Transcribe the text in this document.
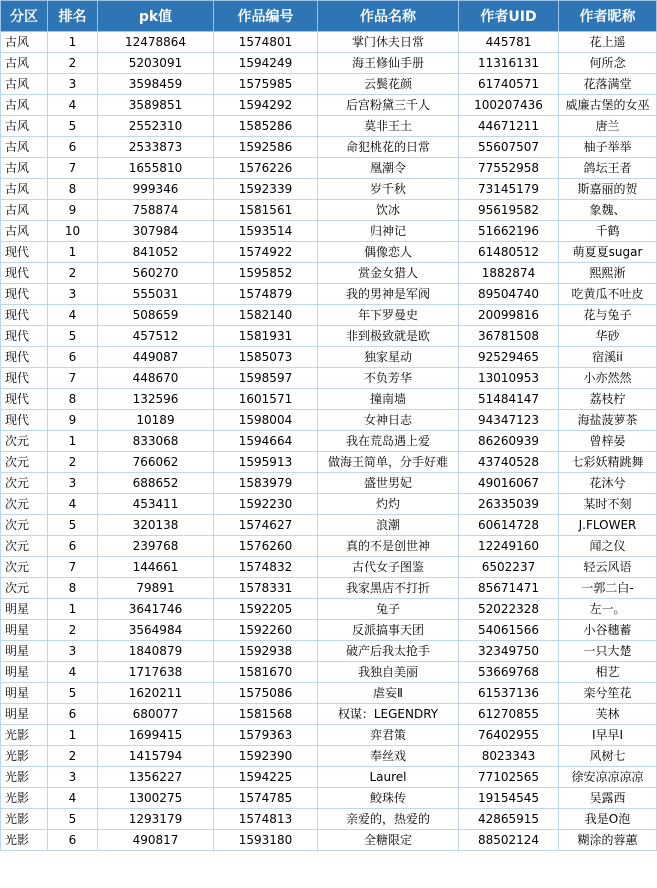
分区	排名	pk值	作品编号	作品名称	作者UID	作者昵称
古风	1	12478864	1574801	掌门休夫日常	445781	花上遥
古风	2	5203091	1594249	海王修仙手册	11316131	何所念
古风	3	3598459	1575985	云鬓花颜	61740571	花落满堂
古风	4	3589851	1594292	后宫粉黛三千人	100207436	威廉古堡的女巫
古风	5	2552310	1585286	莫非王土	44671211	唐兰
古风	6	2533873	1592586	命犯桃花的日常	55607507	柚子举举
古风	7	1655810	1576226	凰潮令	77552958	鸽坛王者
古风	8	999346	1592339	岁千秋	73145179	斯嘉丽的贺
古风	9	758874	1581561	饮冰	95619582	象魏、
古风	10	307984	1593514	归神记	51662196	千鹤
现代	1	841052	1574922	偶像恋人	61480512	萌夏夏sugar
现代	2	560270	1595852	赏金女猎人	1882874	熙熙淅
现代	3	555031	1574879	我的男神是军阀	89504740	吃黄瓜不吐皮
现代	4	508659	1582140	年下罗曼史	20099816	花与兔子
现代	5	457512	1581931	非到极致就是欧	36781508	华砂
现代	6	449087	1585073	独家星动	92529465	宿溪ii
现代	7	448670	1598597	不负芳华	13010953	小亦然然
现代	8	132596	1601571	撞南墙	51484147	荔枝柠
现代	9	10189	1598004	女神日志	94347123	海盐菠萝茶
次元	1	833068	1594664	我在荒岛遇上爱	86260939	曾梓晏
次元	2	766062	1595913	做海王简单，分手好难	43740528	七彩妖精跳舞
次元	3	688652	1583979	盛世男妃	49016067	花沐兮
次元	4	453411	1592230	灼灼	26335039	某时不刻
次元	5	320138	1574627	浪潮	60614728	J.FLOWER
次元	6	239768	1576260	真的不是创世神	12249160	闻之仪
次元	7	144661	1574832	古代女子图鉴	6502237	轻云风语
次元	8	79891	1578331	我家黑店不打折	85671471	一郭二白-
明星	1	3641746	1592205	兔子	52022328	左一。
明星	2	3564984	1592260	反派搞事天团	54061566	小谷穗蓄
明星	3	1840879	1592938	破产后我太抢手	32349750	一只大楚
明星	4	1717638	1581670	我独自美丽	53669768	相艺
明星	5	1620211	1575086	虐妄Ⅱ	61537136	栾兮笙花
明星	6	680077	1581568	权谋：LEGENDRY	61270855	芙林
光影	1	1699415	1579363	弈君策	76402955	I早早I
光影	2	1415794	1592390	奉丝戏	8023343	风树七
光影	3	1356227	1594225	Laurel	77102565	徐安凉凉凉凉
光影	4	1300275	1574785	鲛珠传	19154545	吴露西
光影	5	1293179	1574813	亲爱的，热爱的	42865915	我是O泡
光影	6	490817	1593180	全糖限定	88502124	糊涂的蓉蕙
